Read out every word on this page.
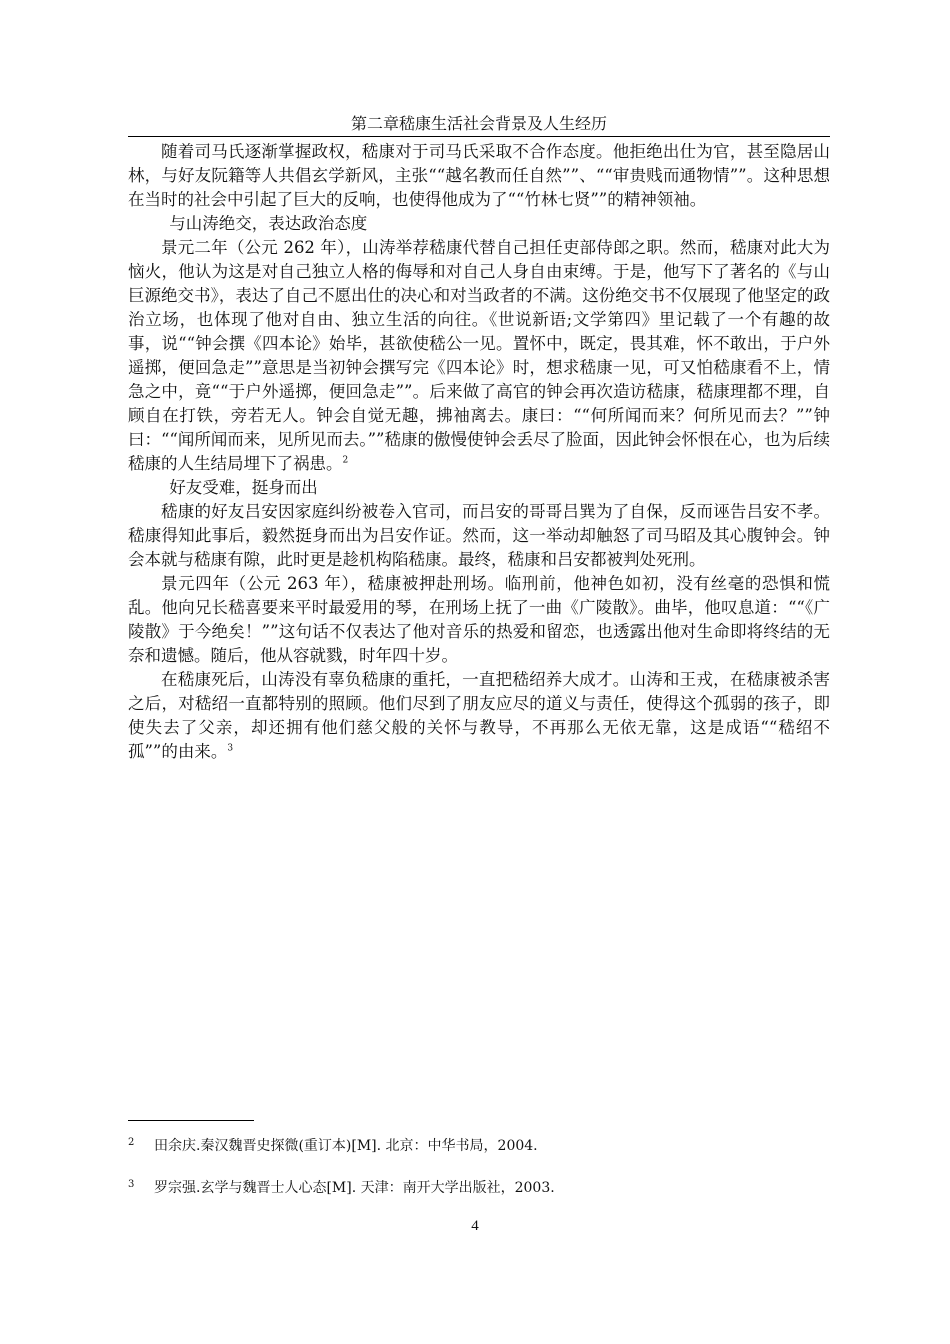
第二章嵇康生活社会背景及人生经历

随着司马氏逐渐掌握政权，嵇康对于司马氏采取不合作态度。他拒绝出仕为官，甚至隐居山林，与好友阮籍等人共倡玄学新风，主张““越名教而任自然””、““审贵贱而通物情””。这种思想在当时的社会中引起了巨大的反响，也使得他成为了““竹林七贤””的精神领袖。

与山涛绝交，表达政治态度

景元二年（公元 262 年），山涛举荐嵇康代替自己担任吏部侍郎之职。然而，嵇康对此大为恼火，他认为这是对自己独立人格的侮辱和对自己人身自由束缚。于是，他写下了著名的《与山巨源绝交书》，表达了自己不愿出仕的决心和对当政者的不满。这份绝交书不仅展现了他坚定的政治立场，也体现了他对自由、独立生活的向往。《世说新语;文学第四》里记载了一个有趣的故事，说““钟会撰《四本论》始毕，甚欲使嵇公一见。置怀中，既定，畏其难，怀不敢出，于户外遥掷，便回急走””意思是当初钟会撰写完《四本论》时，想求嵇康一见，可又怕嵇康看不上，情急之中，竟““于户外遥掷，便回急走””。后来做了高官的钟会再次造访嵇康，嵇康理都不理，自顾自在打铁，旁若无人。钟会自觉无趣，拂袖离去。康曰：““何所闻而来？何所见而去？””钟曰：““闻所闻而来，见所见而去。””嵇康的傲慢使钟会丢尽了脸面，因此钟会怀恨在心，也为后续嵇康的人生结局埋下了祸患。$^2$

好友受难，挺身而出

嵇康的好友吕安因家庭纠纷被卷入官司，而吕安的哥哥吕巽为了自保，反而诬告吕安不孝。嵇康得知此事后，毅然挺身而出为吕安作证。然而，这一举动却触怒了司马昭及其心腹钟会。钟会本就与嵇康有隙，此时更是趁机构陷嵇康。最终，嵇康和吕安都被判处死刑。

景元四年（公元 263 年），嵇康被押赴刑场。临刑前，他神色如初，没有丝毫的恐惧和慌乱。他向兄长嵇喜要来平时最爱用的琴，在刑场上抚了一曲《广陵散》。曲毕，他叹息道：““《广陵散》于今绝矣！””这句话不仅表达了他对音乐的热爱和留恋，也透露出他对生命即将终结的无奈和遗憾。随后，他从容就戮，时年四十岁。

在嵇康死后，山涛没有辜负嵇康的重托，一直把嵇绍养大成才。山涛和王戎，在嵇康被杀害之后，对嵇绍一直都特别的照顾。他们尽到了朋友应尽的道义与责任，使得这个孤弱的孩子，即使失去了父亲，却还拥有他们慈父般的关怀与教导，不再那么无依无靠，这是成语““嵇绍不孤””的由来。$^3$

2 田余庆.秦汉魏晋史探微(重订本)[M]. 北京：中华书局，2004.
3 罗宗强.玄学与魏晋士人心态[M]. 天津：南开大学出版社，2003.
4
